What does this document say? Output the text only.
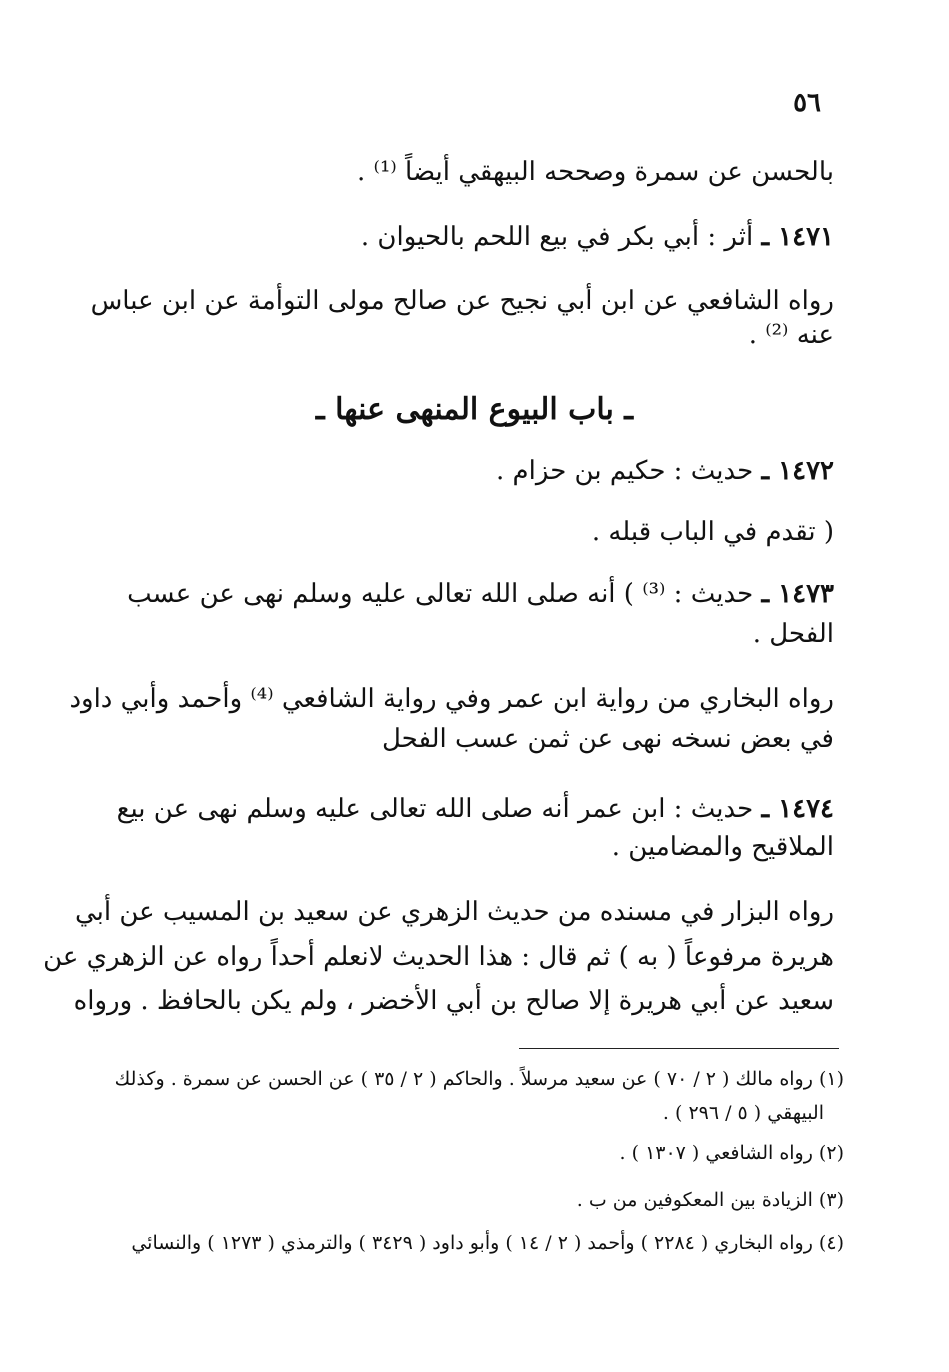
٥٦
بالحسن عن سمرة وصححه البيهقي أيضاً ⁽¹⁾ .
١٤٧١ ـ أثر : أبي بكر في بيع اللحم بالحيوان .
رواه الشافعي عن ابن أبي نجيح عن صالح مولى التوأمة عن ابن عباس
عنه ⁽²⁾ .
ـ باب البيوع المنهى عنها ـ
١٤٧٢ ـ حديث : حكيم بن حزام .
( تقدم في الباب قبله .
١٤٧٣ ـ حديث : ⁽³⁾ ) أنه صلى الله تعالى عليه وسلم نهى عن عسب
الفحل .
رواه البخاري من رواية ابن عمر وفي رواية الشافعي ⁽⁴⁾ وأحمد وأبي داود
في بعض نسخه نهى عن ثمن عسب الفحل
١٤٧٤ ـ حديث : ابن عمر أنه صلى الله تعالى عليه وسلم نهى عن بيع
الملاقيح والمضامين .
رواه البزار في مسنده من حديث الزهري عن سعيد بن المسيب عن أبي
هريرة مرفوعاً ( به ) ثم قال : هذا الحديث لانعلم أحداً رواه عن الزهري عن
سعيد عن أبي هريرة إلا صالح بن أبي الأخضر ، ولم يكن بالحافظ . ورواه
(١) رواه مالك ( ٢ / ٧٠ ) عن سعيد مرسلاً . والحاكم ( ٢ / ٣٥ ) عن الحسن عن سمرة . وكذلك
البيهقي ( ٥ / ٢٩٦ ) .
(٢) رواه الشافعي ( ١٣٠٧ ) .
(٣) الزيادة بين المعكوفين من ب .
(٤) رواه البخاري ( ٢٢٨٤ ) وأحمد ( ٢ / ١٤ ) وأبو داود ( ٣٤٢٩ ) والترمذي ( ١٢٧٣ ) والنسائي
